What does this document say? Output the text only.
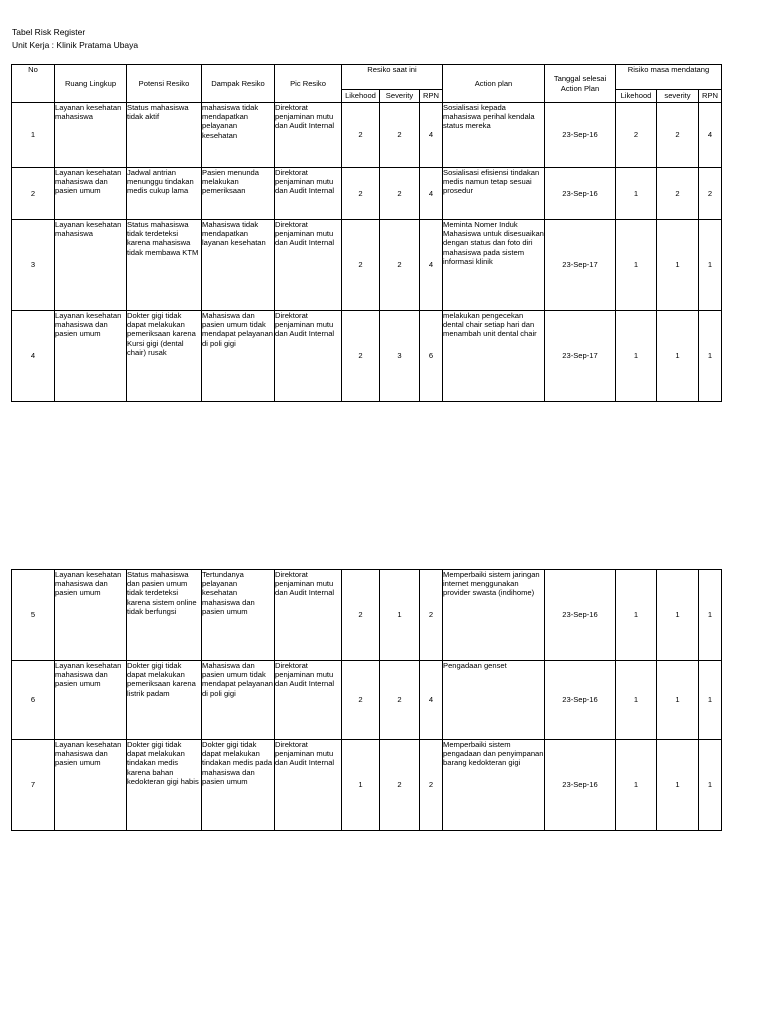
Tabel Risk Register
Unit Kerja : Klinik Pratama Ubaya
No	Ruang Lingkup	Potensi Resiko	Dampak Resiko	Pic Resiko	Resiko saat ini			Action plan	Tanggal selesai Action Plan	Risiko masa mendatang		
					Likehood	Severity	RPN			Likehood	severity	RPN
1	Layanan kesehatan mahasiswa	Status mahasiswa tidak aktif	mahasiswa tidak mendapatkan pelayanan kesehatan	Direktorat penjaminan mutu dan Audit Internal	2	2	4	Sosialisasi kepada mahasiswa perihal kendala status mereka	23-Sep-16	2	2	4
2	Layanan kesehatan mahasiswa dan pasien umum	Jadwal antrian menunggu tindakan medis cukup lama	Pasien menunda melakukan pemeriksaan	Direktorat penjaminan mutu dan Audit Internal	2	2	4	Sosialisasi efisiensi tindakan medis namun tetap sesuai prosedur	23-Sep-16	1	2	2
3	Layanan kesehatan mahasiswa	Status mahasiswa tidak terdeteksi karena mahasiswa tidak membawa KTM	Mahasiswa tidak mendapatkan layanan kesehatan	Direktorat penjaminan mutu dan Audit Internal	2	2	4	Meminta Nomer Induk Mahasiswa untuk disesuaikan dengan status dan foto diri mahasiswa pada sistem informasi klinik	23-Sep-17	1	1	1
4	Layanan kesehatan mahasiswa dan pasien umum	Dokter gigi tidak dapat melakukan pemeriksaan karena Kursi gigi (dental chair) rusak	Mahasiswa dan pasien umum tidak mendapat pelayanan di poli gigi	Direktorat penjaminan mutu dan Audit Internal	2	3	6	melakukan pengecekan dental chair setiap hari dan menambah unit dental chair	23-Sep-17	1	1	1
5	Layanan kesehatan mahasiswa dan pasien umum	Status mahasiswa dan pasien umum tidak terdeteksi karena sistem online tidak berfungsi	Tertundanya pelayanan kesehatan mahasiswa dan pasien umum	Direktorat penjaminan mutu dan Audit Internal	2	1	2	Memperbaiki sistem jaringan internet menggunakan provider swasta (indihome)	23-Sep-16	1	1	1
6	Layanan kesehatan mahasiswa dan pasien umum	Dokter gigi tidak dapat melakukan pemeriksaan karena listrik padam	Mahasiswa dan pasien umum tidak mendapat pelayanan di poli gigi	Direktorat penjaminan mutu dan Audit Internal	2	2	4	Pengadaan genset	23-Sep-16	1	1	1
7	Layanan kesehatan mahasiswa dan pasien umum	Dokter gigi tidak dapat melakukan tindakan medis karena bahan kedokteran gigi habis	Dokter gigi tidak dapat melakukan tindakan medis pada mahasiswa dan pasien umum	Direktorat penjaminan mutu dan Audit Internal	1	2	2	Memperbaiki sistem pengadaan dan penyimpanan barang kedokteran gigi	23-Sep-16	1	1	1
